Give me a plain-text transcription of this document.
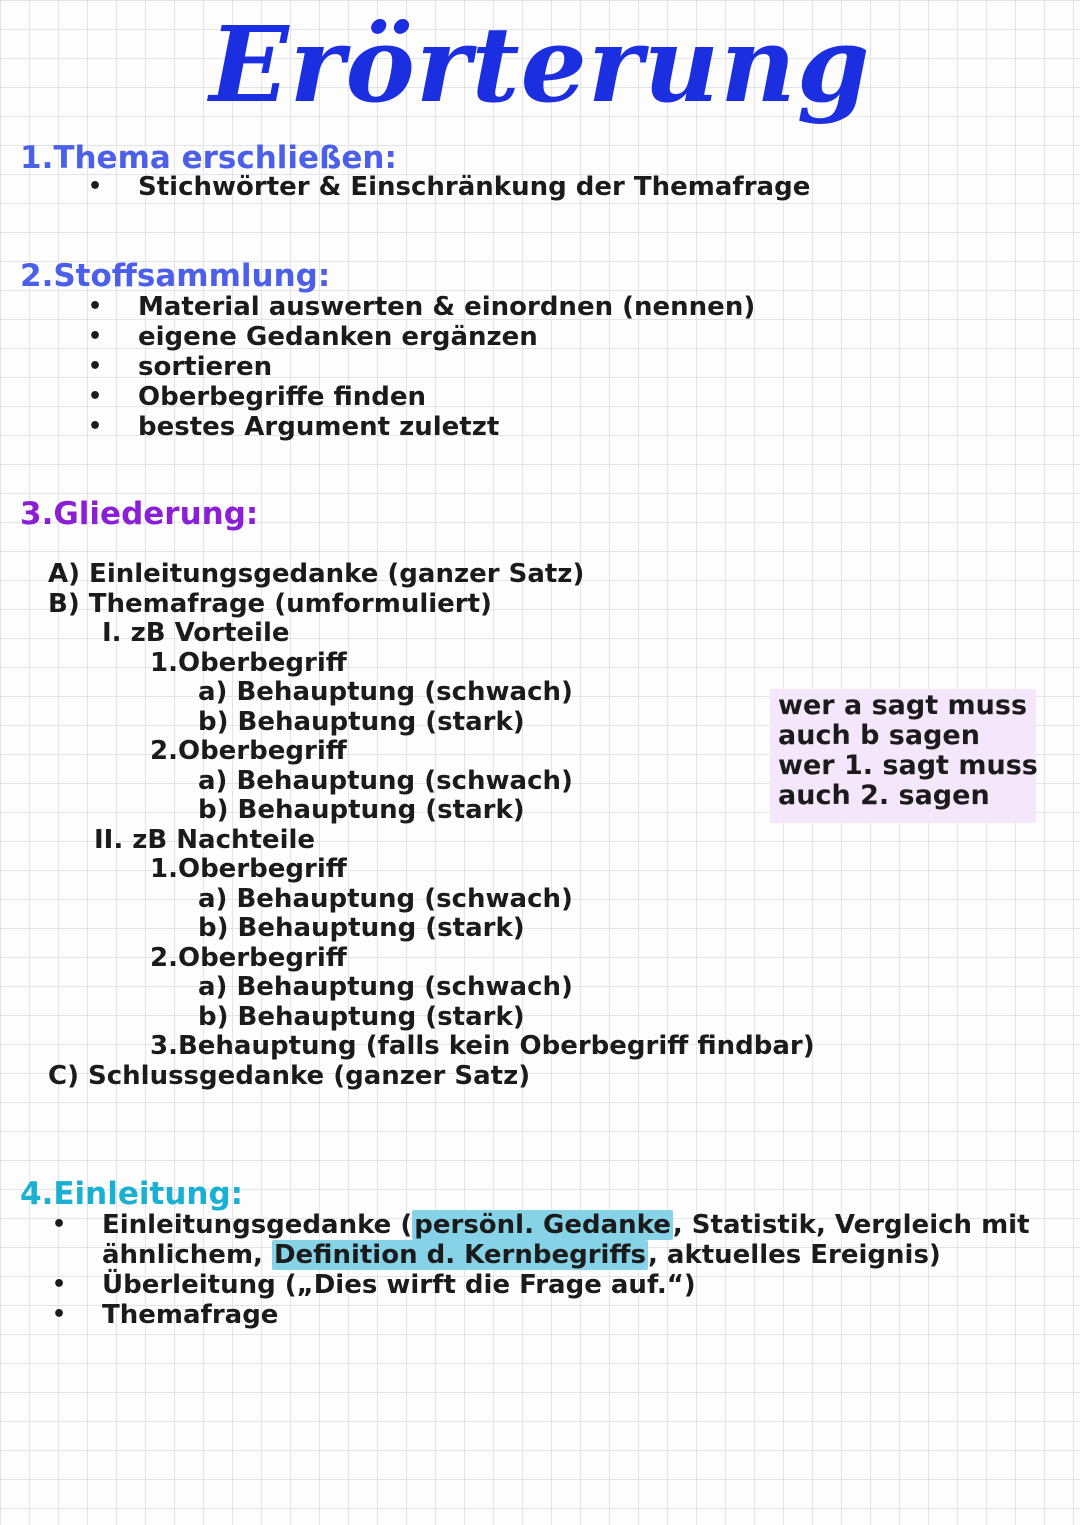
Erörterung
1.Thema erschließen:
• Stichwörter & Einschränkung der Themafrage
2.Stoffsammlung:
• Material auswerten & einordnen (nennen)
• eigene Gedanken ergänzen
• sortieren
• Oberbegriffe finden
• bestes Argument zuletzt
3.Gliederung:
A) Einleitungsgedanke (ganzer Satz)
B) Themafrage (umformuliert)
I. zB Vorteile
1.Oberbegriff
a) Behauptung (schwach)
b) Behauptung (stark)
2.Oberbegriff
a) Behauptung (schwach)
b) Behauptung (stark)
II. zB Nachteile
1.Oberbegriff
a) Behauptung (schwach)
b) Behauptung (stark)
2.Oberbegriff
a) Behauptung (schwach)
b) Behauptung (stark)
3.Behauptung (falls kein Oberbegriff findbar)
C) Schlussgedanke (ganzer Satz)
wer a sagt muss
auch b sagen
wer 1. sagt muss
auch 2. sagen
4.Einleitung:
• Einleitungsgedanke (persönl. Gedanke, Statistik, Vergleich mit
ähnlichem, Definition d. Kernbegriffs, aktuelles Ereignis)
• Überleitung („Dies wirft die Frage auf.“)
• Themafrage
